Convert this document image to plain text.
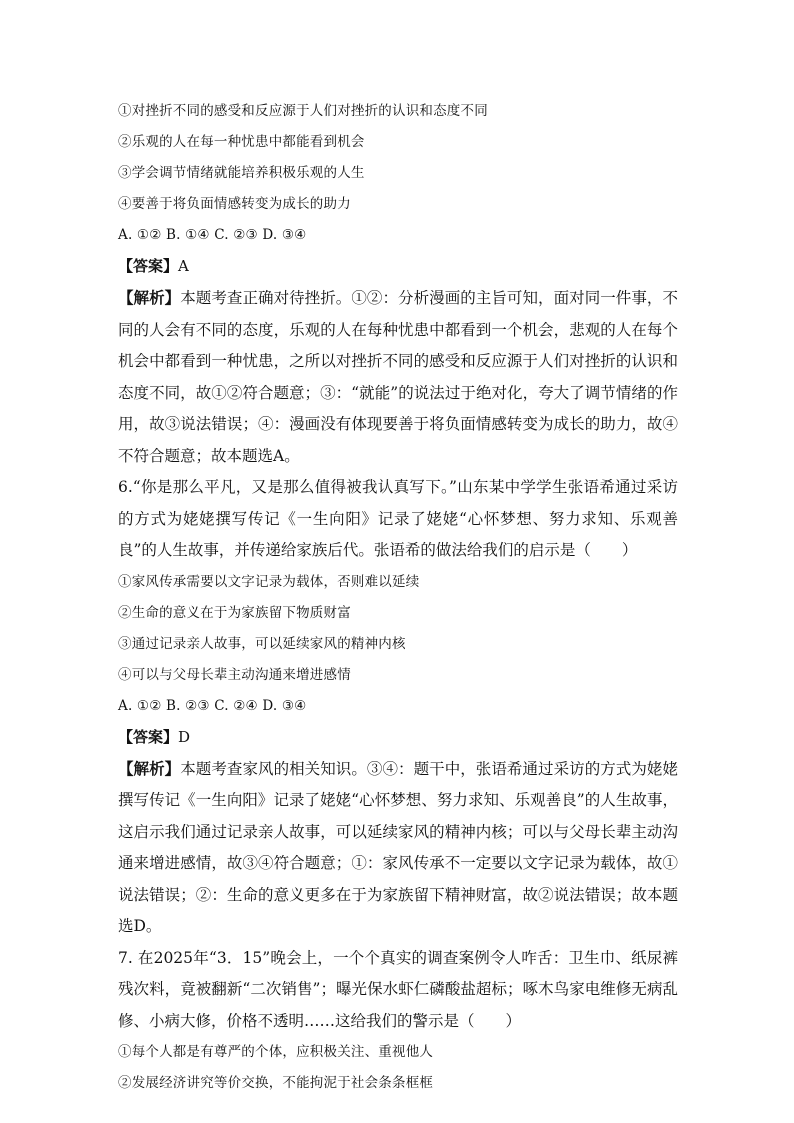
①对挫折不同的感受和反应源于人们对挫折的认识和态度不同
②乐观的人在每一种忧患中都能看到机会
③学会调节情绪就能培养积极乐观的人生
④要善于将负面情感转变为成长的助力
A. ①② B. ①④ C. ②③ D. ③④
【答案】A
【解析】本题考查正确对待挫折。①②：分析漫画的主旨可知，面对同一件事，不同的人会有不同的态度，乐观的人在每种忧患中都看到一个机会，悲观的人在每个机会中都看到一种忧患，之所以对挫折不同的感受和反应源于人们对挫折的认识和态度不同，故①②符合题意；③：“就能”的说法过于绝对化，夸大了调节情绪的作用，故③说法错误；④：漫画没有体现要善于将负面情感转变为成长的助力，故④不符合题意；故本题选A。
6.“你是那么平凡，又是那么值得被我认真写下。”山东某中学学生张语希通过采访的方式为姥姥撰写传记《一生向阳》记录了姥姥“心怀梦想、努力求知、乐观善良”的人生故事，并传递给家族后代。张语希的做法给我们的启示是（　　）
①家风传承需要以文字记录为载体，否则难以延续
②生命的意义在于为家族留下物质财富
③通过记录亲人故事，可以延续家风的精神内核
④可以与父母长辈主动沟通来增进感情
A. ①② B. ②③ C. ②④ D. ③④
【答案】D
【解析】本题考查家风的相关知识。③④：题干中，张语希通过采访的方式为姥姥撰写传记《一生向阳》记录了姥姥“心怀梦想、努力求知、乐观善良”的人生故事，这启示我们通过记录亲人故事，可以延续家风的精神内核；可以与父母长辈主动沟通来增进感情，故③④符合题意；①：家风传承不一定要以文字记录为载体，故①说法错误；②：生命的意义更多在于为家族留下精神财富，故②说法错误；故本题选D。
7. 在2025年“3．15”晚会上，一个个真实的调查案例令人咋舌：卫生巾、纸尿裤残次料，竟被翻新“二次销售”；曝光保水虾仁磷酸盐超标；啄木鸟家电维修无病乱修、小病大修，价格不透明……这给我们的警示是（　　）
①每个人都是有尊严的个体，应积极关注、重视他人
②发展经济讲究等价交换，不能拘泥于社会条条框框
